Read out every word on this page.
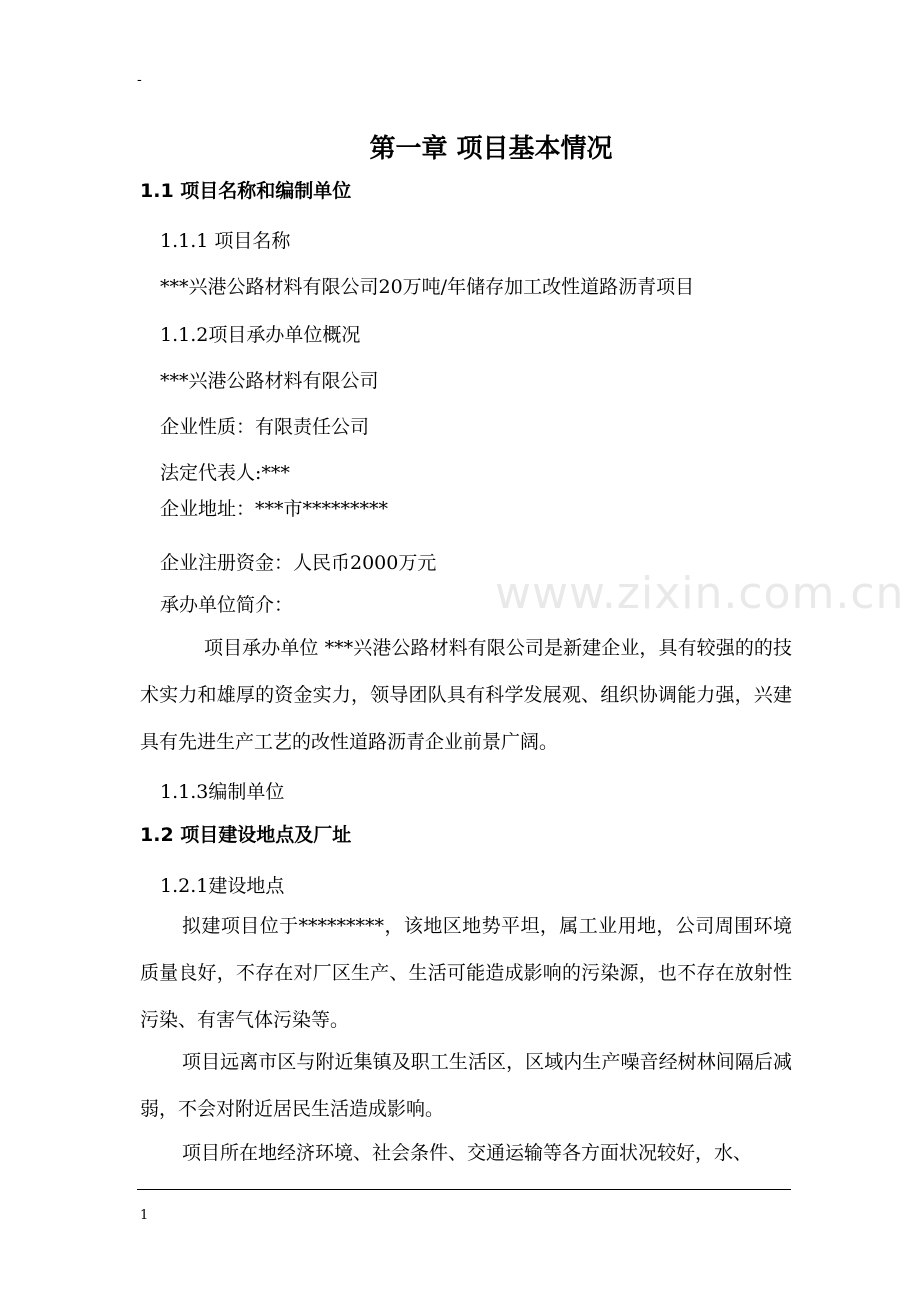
-
www.zixin.com.cn
第一章 项目基本情况
1.1 项目名称和编制单位
1.1.1 项目名称
***兴港公路材料有限公司20万吨/年储存加工改性道路沥青项目
1.1.2项目承办单位概况
***兴港公路材料有限公司
企业性质：有限责任公司
法定代表人:***
企业地址：***市*********
企业注册资金：人民币2000万元
承办单位简介：
项目承办单位 ***兴港公路材料有限公司是新建企业，具有较强的的技术实力和雄厚的资金实力，领导团队具有科学发展观、组织协调能力强，兴建具有先进生产工艺的改性道路沥青企业前景广阔。
1.1.3编制单位
1.2 项目建设地点及厂址
1.2.1建设地点
拟建项目位于*********，该地区地势平坦，属工业用地，公司周围环境质量良好，不存在对厂区生产、生活可能造成影响的污染源，也不存在放射性污染、有害气体污染等。
项目远离市区与附近集镇及职工生活区，区域内生产噪音经树林间隔后减弱，不会对附近居民生活造成影响。
项目所在地经济环境、社会条件、交通运输等各方面状况较好，水、
1
